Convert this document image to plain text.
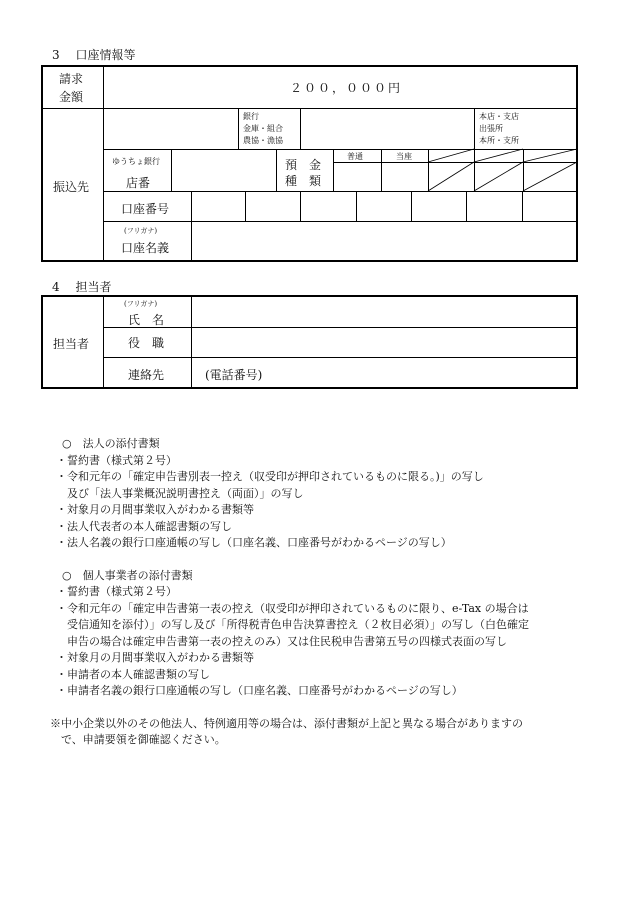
3 口座情報等
請求
金額
２００，０００円
振込先
銀行
金庫・組合
農協・漁協
本店・支店
出張所
本所・支所
ゆうちょ銀行
店番
預　金
種　類
普通	当座
口座番号
(フリガナ)
口座名義
4 担当者
担当者
(フリガナ)
氏　名
役　職
連絡先	(電話番号)
○　法人の添付書類
・誓約書（様式第２号）
・令和元年の「確定申告書別表一控え（収受印が押印されているものに限る。)」の写し
　及び「法人事業概況説明書控え（両面）」の写し
・対象月の月間事業収入がわかる書類等
・法人代表者の本人確認書類の写し
・法人名義の銀行口座通帳の写し（口座名義、口座番号がわかるページの写し）
○　個人事業者の添付書類
・誓約書（様式第２号）
・令和元年の「確定申告書第一表の控え（収受印が押印されているものに限り、e-Tax の場合は
　受信通知を添付）」の写し及び「所得税青色申告決算書控え（２枚目必須）」の写し（白色確定
　申告の場合は確定申告書第一表の控えのみ）又は住民税申告書第五号の四様式表面の写し
・対象月の月間事業収入がわかる書類等
・申請者の本人確認書類の写し
・申請者名義の銀行口座通帳の写し（口座名義、口座番号がわかるページの写し）
※中小企業以外のその他法人、特例適用等の場合は、添付書類が上記と異なる場合がありますの
　で、申請要領を御確認ください。
